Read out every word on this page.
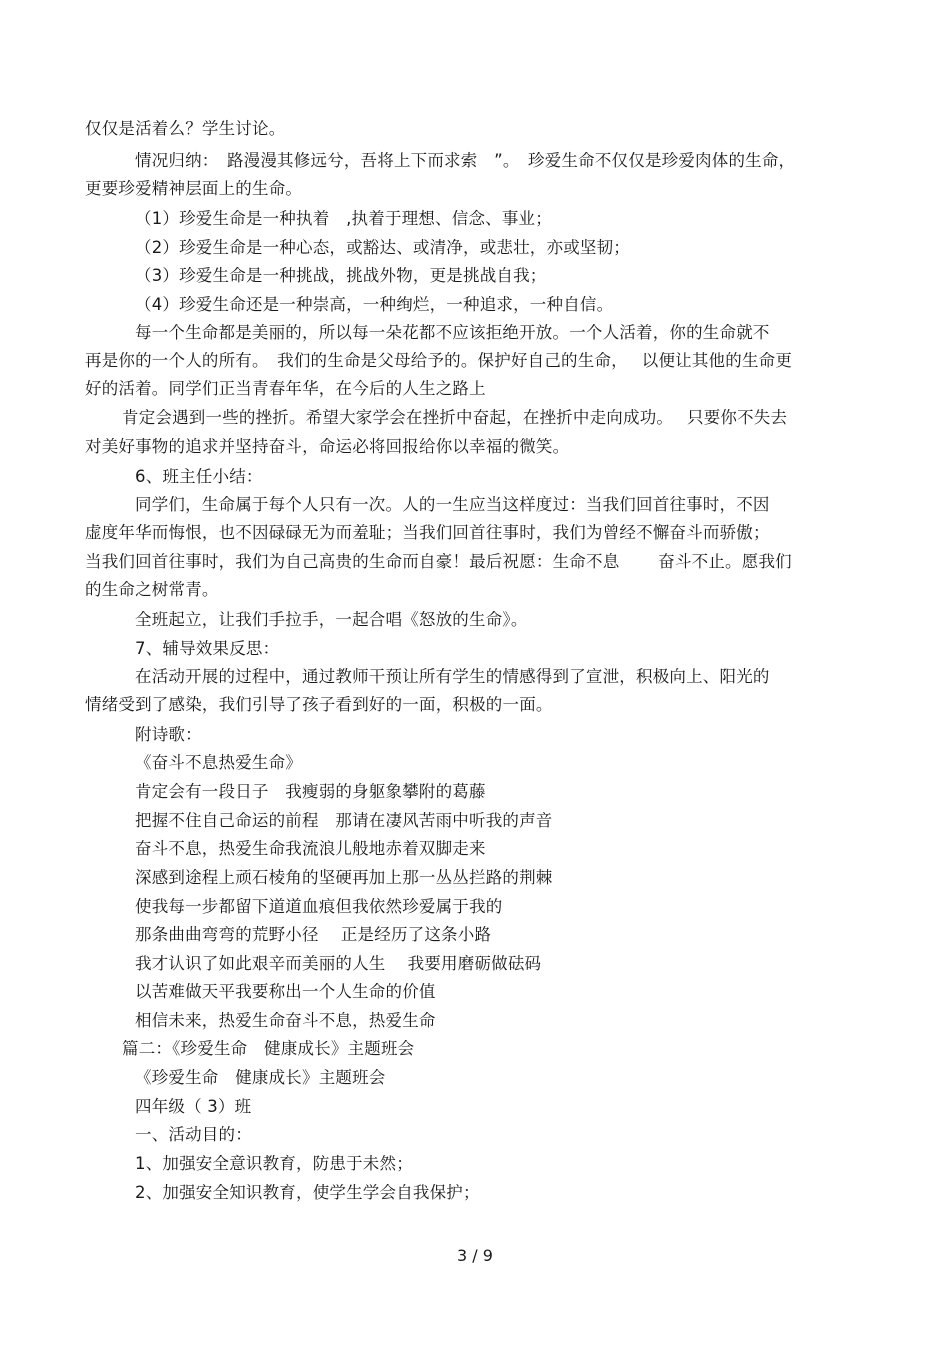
仅仅是活着么？学生讨论。
情况归纳：　路漫漫其修远兮，吾将上下而求索　”。　珍爱生命不仅仅是珍爱肉体的生命，
更要珍爱精神层面上的生命。
（1）珍爱生命是一种执着　,执着于理想、信念、事业；
（2）珍爱生命是一种心态，或豁达、或清净，或悲壮，亦或坚韧；
（3）珍爱生命是一种挑战，挑战外物，更是挑战自我；
（4）珍爱生命还是一种崇高，一种绚烂，一种追求，一种自信。
每一个生命都是美丽的，所以每一朵花都不应该拒绝开放。一个人活着，你的生命就不
再是你的一个人的所有。　我们的生命是父母给予的。保护好自己的生命，　 以便让其他的生命更
好的活着。同学们正当青春年华，在今后的人生之路上
肯定会遇到一些的挫折。希望大家学会在挫折中奋起，在挫折中走向成功。　 只要你不失去
对美好事物的追求并坚持奋斗，命运必将回报给你以幸福的微笑。
6、班主任小结：
同学们，生命属于每个人只有一次。人的一生应当这样度过：当我们回首往事时，不因
虚度年华而悔恨，也不因碌碌无为而羞耻；当我们回首往事时，我们为曾经不懈奋斗而骄傲；
当我们回首往事时，我们为自己高贵的生命而自豪！最后祝愿：生命不息　　 奋斗不止。愿我们
的生命之树常青。
全班起立，让我们手拉手，一起合唱《怒放的生命》。
7、辅导效果反思：
在活动开展的过程中，通过教师干预让所有学生的情感得到了宣泄，积极向上、阳光的
情绪受到了感染，我们引导了孩子看到好的一面，积极的一面。
附诗歌：
《奋斗不息热爱生命》
肯定会有一段日子　我瘦弱的身躯象攀附的葛藤
把握不住自己命运的前程　那请在凄风苦雨中听我的声音
奋斗不息，热爱生命我流浪儿般地赤着双脚走来
深感到途程上顽石棱角的坚硬再加上那一丛丛拦路的荆棘
使我每一步都留下道道血痕但我依然珍爱属于我的
那条曲曲弯弯的荒野小径　 正是经历了这条小路
我才认识了如此艰辛而美丽的人生　 我要用磨砺做砝码
以苦难做天平我要称出一个人生命的价值
相信未来，热爱生命奋斗不息，热爱生命
篇二：《珍爱生命　健康成长》主题班会
《珍爱生命　健康成长》主题班会
四年级（ 3）班
一、活动目的：
1、加强安全意识教育，防患于未然；
2、加强安全知识教育，使学生学会自我保护；
3 / 9
